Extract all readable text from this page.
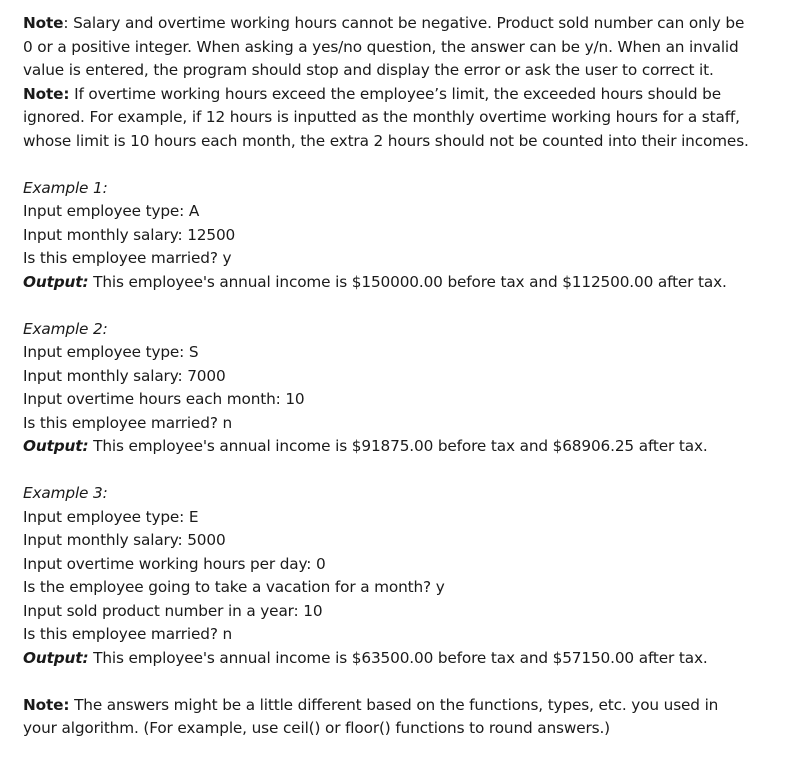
Note: Salary and overtime working hours cannot be negative. Product sold number can only be
0 or a positive integer. When asking a yes/no question, the answer can be y/n. When an invalid
value is entered, the program should stop and display the error or ask the user to correct it.
Note: If overtime working hours exceed the employee’s limit, the exceeded hours should be
ignored. For example, if 12 hours is inputted as the monthly overtime working hours for a staff,
whose limit is 10 hours each month, the extra 2 hours should not be counted into their incomes.
Example 1:
Input employee type: A
Input monthly salary: 12500
Is this employee married? y
Output: This employee's annual income is $150000.00 before tax and $112500.00 after tax.
Example 2:
Input employee type: S
Input monthly salary: 7000
Input overtime hours each month: 10
Is this employee married? n
Output: This employee's annual income is $91875.00 before tax and $68906.25 after tax.
Example 3:
Input employee type: E
Input monthly salary: 5000
Input overtime working hours per day: 0
Is the employee going to take a vacation for a month? y
Input sold product number in a year: 10
Is this employee married? n
Output: This employee's annual income is $63500.00 before tax and $57150.00 after tax.
Note: The answers might be a little different based on the functions, types, etc. you used in
your algorithm. (For example, use ceil() or floor() functions to round answers.)
